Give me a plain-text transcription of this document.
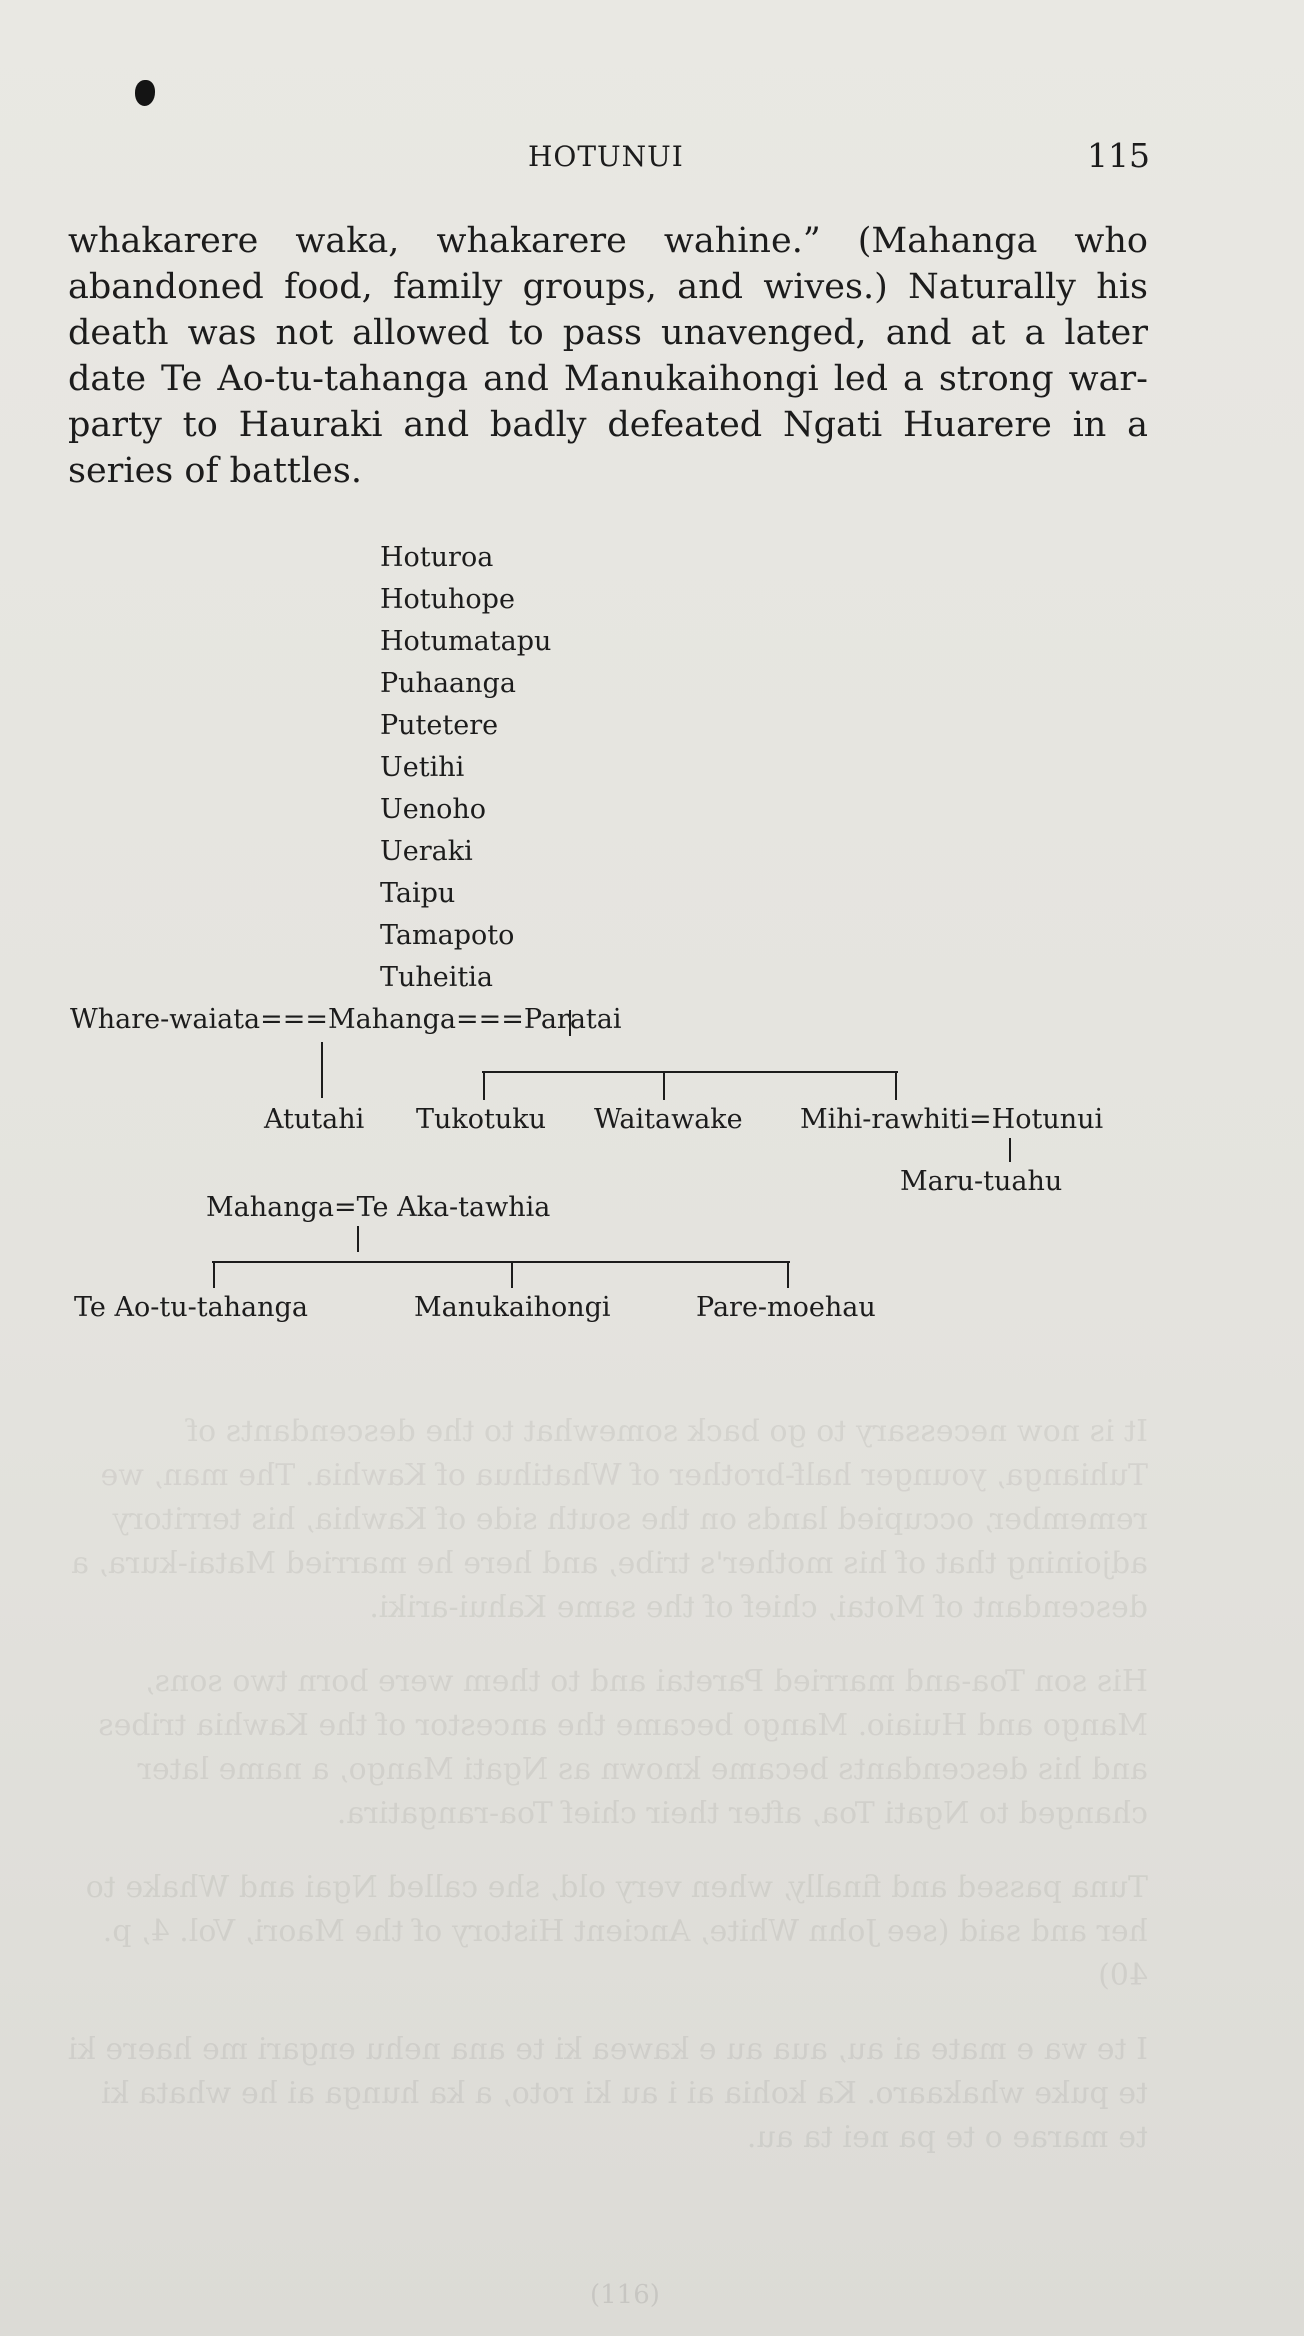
It is now necessary to go back somewhat to the descendants of Tuhianga, younger half-brother of Whatihua of Kawhia. The man, we remember, occupied lands on the south side of Kawhia, his territory adjoining that of his mother's tribe, and here he married Matai-kura, a descendant of Motai, chief of the same Kahui-ariki.

His son Toa-and married Paretai and to them were born two sons, Mango and Huiaio. Mango became the ancestor of the Kawhia tribes and his descendants became known as Ngati Mango, a name later changed to Ngati Toa, after their chief Toa-rangatira.

Tuna passed and finally, when very old, she called Ngai and Whake to her and said (see John White, Ancient History of the Maori, Vol. 4, p. 40)

I te wa e mate ai au, aua au e kawea ki te ana nehu engari me haere ki te puke whakaaro. Ka kohia ai i au ki roto, a ka hunga ai he whata ki te marae o te pa nei ta au.

(116)
HOTUNUI	115
whakarere waka, whakarere wahine.” (Mahanga who
abandoned food, family groups, and wives.) Naturally his
death was not allowed to pass unavenged, and at a later
date Te Ao-tu-tahanga and Manukaihongi led a strong war-
party to Hauraki and badly defeated Ngati Huarere in a
series of battles.
Hoturoa
Hotuhope
Hotumatapu
Puhaanga
Putetere
Uetihi
Uenoho
Ueraki
Taipu
Tamapoto
Tuheitia
Whare-waiata===Mahanga===Paratai
Atutahi Tukotuku Waitawake Mihi-rawhiti=Hotunui
Maru-tuahu
Mahanga=Te Aka-tawhia
Te Ao-tu-tahanga	Manukaihongi	Pare-moehau
